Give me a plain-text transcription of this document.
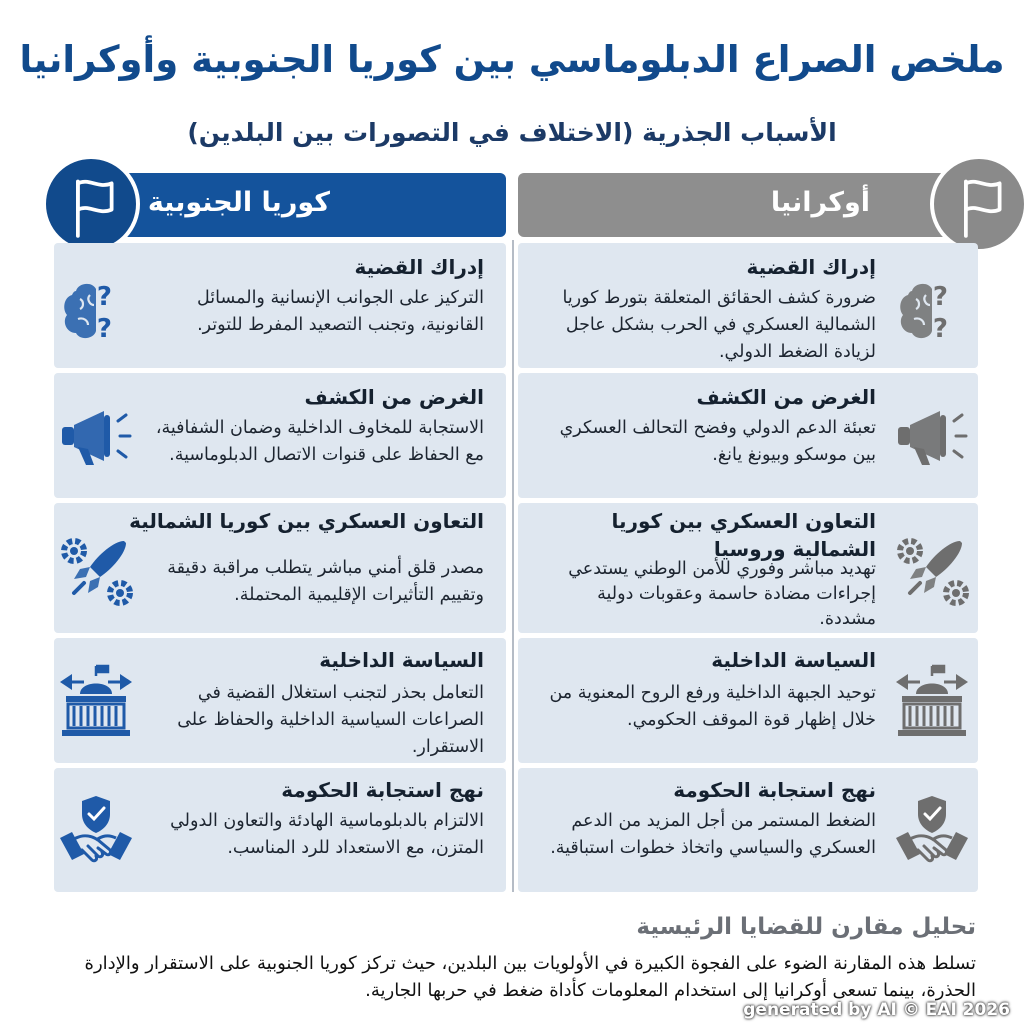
ملخص الصراع الدبلوماسي بين كوريا الجنوبية وأوكرانيا
الأسباب الجذرية (الاختلاف في التصورات بين البلدين)
أوكرانيا
كوريا الجنوبية
إدراك القضية

ضرورة كشف الحقائق المتعلقة بتورط كوريا الشمالية العسكري في الحرب بشكل عاجل لزيادة الضغط الدولي.

إدراك القضية

التركيز على الجوانب الإنسانية والمسائل القانونية، وتجنب التصعيد المفرط للتوتر.

الغرض من الكشف

تعبئة الدعم الدولي وفضح التحالف العسكري بين موسكو وبيونغ يانغ.

الغرض من الكشف

الاستجابة للمخاوف الداخلية وضمان الشفافية، مع الحفاظ على قنوات الاتصال الدبلوماسية.

التعاون العسكري بين كوريا الشمالية وروسيا

تهديد مباشر وفوري للأمن الوطني يستدعي إجراءات مضادة حاسمة وعقوبات دولية مشددة.

التعاون العسكري بين كوريا الشمالية

مصدر قلق أمني مباشر يتطلب مراقبة دقيقة وتقييم التأثيرات الإقليمية المحتملة.

السياسة الداخلية

توحيد الجبهة الداخلية ورفع الروح المعنوية من خلال إظهار قوة الموقف الحكومي.

السياسة الداخلية

التعامل بحذر لتجنب استغلال القضية في الصراعات السياسية الداخلية والحفاظ على الاستقرار.

نهج استجابة الحكومة

الضغط المستمر من أجل المزيد من الدعم العسكري والسياسي واتخاذ خطوات استباقية.

نهج استجابة الحكومة

الالتزام بالدبلوماسية الهادئة والتعاون الدولي المتزن، مع الاستعداد للرد المناسب.

تحليل مقارن للقضايا الرئيسية
تسلط هذه المقارنة الضوء على الفجوة الكبيرة في الأولويات بين البلدين، حيث تركز كوريا الجنوبية على الاستقرار والإدارة الحذرة، بينما تسعى أوكرانيا إلى استخدام المعلومات كأداة ضغط في حربها الجارية.
generated by AI © EAI 2026
